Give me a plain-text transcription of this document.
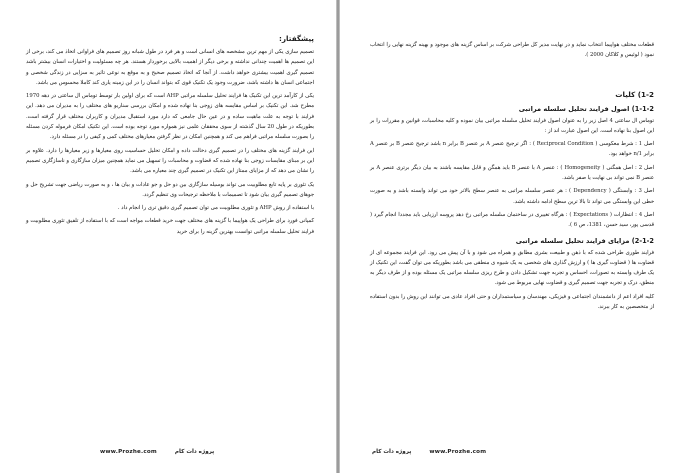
پیشگفتار:

تصمیم سازی یکی از مهم ترین مشخصه های انسانی است و هر فرد در طول شبانه روز تصمیم های فراوانی اتخاذ می کند، برخی از این تصمیم ها اهمیت چندانی نداشته و برخی دیگر از اهمیت بالایی برخوردار هستند. هر چه مسئولیت و اختیارات انسان بیشتر باشد تصمیم گیری اهمیت بیشتری خواهد داشت. از آنجا که اتخاذ تصمیم صحیح و به موقع به نوعی تاثیر به سزایی در زندگی شخصی و اجتماعی انسان ها داشته باشد، ضرورت وجود یک تکنیک قوی که بتواند انسان را در این زمینه یاری کند کاملا محسوس می باشد.

یکی از کارآمد ترین این تکنیک ها فرایند تحلیل سلسله مراتبی AHP است که برای اولین بار توسط توماس ال ساعتی در دهه 1970 مطرح شد. این تکنیک بر اساس مقایسه های زوجی بنا نهاده شده و امکان بررسی سناریو های مختلف را به مدیران می دهد. این فرایند با توجه به علت ماهیت ساده و در عین حال جامعی که دارد مورد استقبال مدیران و کاربران مختلف قرار گرفته است. بطوریکه در طول 20 سال گذشته از سوی محققان علمی نیز همواره مورد توجه بوده است. این تکنیک امکان فرموله کردن مسئله را بصورت سلسله مراتبی فراهم می کند و همچنین امکان در نظر گرفتن معیارهای مختلف کمی و کیفی را در مسئله دارد.

این فرایند گزینه های مختلف را در تصمیم گیری دخالت داده و امکان تحلیل حساسیت روی معیارها و زیر معیارها را دارد. علاوه بر این بر مبنای مقایسات زوجی بنا نهاده شده که قضاوت و محاسبات را تسهیل می نماید همچنین میزان سازگاری و ناسازگاری تصمیم را نشان می دهد که از مزایای ممتاز این تکنیک در تصمیم گیری چند معیاره می باشد.

یک تئوری بر پایه تابع مطلوبیت می تواند بوسیله سازگاری بین دو حل و جو عادات و بیان ها ، و به صورت ریاضی جهت تشریح حل و جوهای تصمیم گیری بیان شود تا تصمیمات با ملاحظه ترجیحات وی تنظیم گردد.

با استفاده از روش AHP و تئوری مطلوبیت می توان تصمیم گیری دقیق تری را انجام داد .

کمپانی فورد برای طراحی یک هواپیما با گزینه های مختلف جهت خرید قطعات مواجه است که با استفاده از تلفیق تئوری مطلوبیت و فرایند تحلیل سلسله مراتبی توانست بهترین گزینه را برای خرید

www.Prozhe.com	پروژه دات کام

قطعات مختلف هواپیما انتخاب نماید و در نهایت مدیر کل طراحی شرکت بر اساس گزینه های موجود و بهینه گزینه نهایی را انتخاب نمود ( لوئیس و کلاکان 2000 ).

1-2) کلیات
1-1-2) اصول فرایند تحلیل سلسله مراتبی

توماس ال ساعتی 4 اصل زیر را به عنوان اصول فرایند تحلیل سلسله مراتبی بیان نموده و کلیه محاسبات، قوانین و مقررات را بر این اصول بنا نهاده است. این اصول عبارت اند از :

اصل 1 : شرط معکوسی ( Reciprocal Condition ) : اگر ترجیح عنصر A بر عنصر B برابر n باشد ترجیح عنصر B بر عنصر A برابر 1/n خواهد بود.

اصل 2 : اصل همگنی ( Homogeneity ) : عنصر A با عنصر B باید همگن و قابل مقایسه باشند به بیان دیگر برتری عنصر A بر عنصر B نمی تواند بی نهایت یا صفر باشد.

اصل 3 : وابستگی ( Dependency ) : هر عنصر سلسله مراتبی به عنصر سطح بالاتر خود می تواند وابسته باشد و به صورت خطی این وابستگی می تواند تا بالا ترین سطح ادامه داشته باشد.

اصل 4 : انتظارات ( Expectations ) : هرگاه تغییری در ساختمان سلسله مراتبی رخ دهد پروسه ارزیابی باید مجددا انجام گیرد ( قدسی پور، سید حسن، 1381، ص 6 ).

2-1-2) مزایای فرایند تحلیل سلسله مراتبی

فرایند طوری طراحی شده که با ذهن و طبیعت بشری مطابق و همراه می شود و با آن پیش می رود. این فرایند مجموعه ای از قضاوت ها ( قضاوت گیری ها ) و ارزش گذاری های شخصی به یک شیوه ی منطقی می باشد بطوریکه می توان گفت، این تکنیک از یک طرف وابسته به تصورات، احساس و تجربه جهت تشکیل دادن و طرح ریزی سلسله مراتبی یک مسئله بوده و از طرف دیگر به منطق، درک و تجربه جهت تصمیم گیری و قضاوت نهایی مربوط می شود.

کلیه افراد اعم از دانشمندان اجتماعی و فیزیکی، مهندسان و سیاستمداران و حتی افراد عادی می توانند این روش را بدون استفاده از متخصصین به کار ببرند.

پروژه دات کام	www.Prozhe.com
